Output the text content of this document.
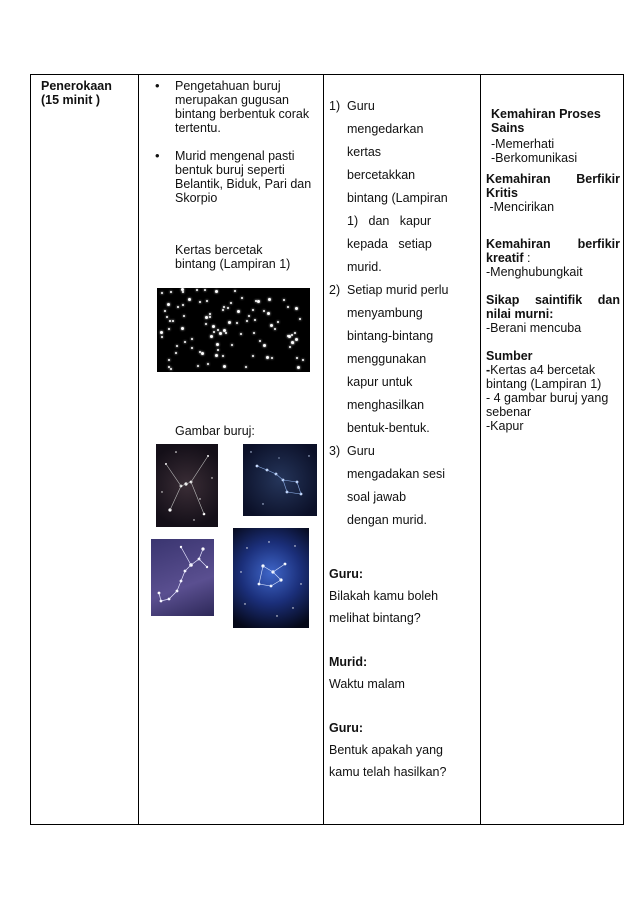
Penerokaan
(15 minit )
• Pengetahuan buruj merupakan gugusan bintang berbentuk corak tertentu.
• Murid mengenal pasti bentuk buruj seperti Belantik, Biduk, Pari dan Skorpio
Kertas bercetak bintang (Lampiran 1)
Gambar buruj:
1) Guru
mengedarkan
kertas
bercetakkan
bintang (Lampiran
1)   dan   kapur
kepada   setiap
murid.
2) Setiap murid perlu
menyambung
bintang-bintang
menggunakan
kapur untuk
menghasilkan
bentuk-bentuk.
3) Guru
mengadakan sesi
soal jawab
dengan murid.

Guru:

Bilakah kamu boleh

melihat bintang?

Murid:

Waktu malam

Guru:

Bentuk apakah yang

kamu telah hasilkan?

Kemahiran Proses
Sains
-Memerhati
-Berkomunikasi
Kemahiran Berfikir
Kritis
-Mencirikan
Kemahiran berfikir
kreatif :
-Menghubungkait
Sikap saintifik dan
nilai murni:
-Berani mencuba
Sumber
-Kertas a4 bercetak
bintang (Lampiran 1)
- 4 gambar buruj yang
sebenar
-Kapur
